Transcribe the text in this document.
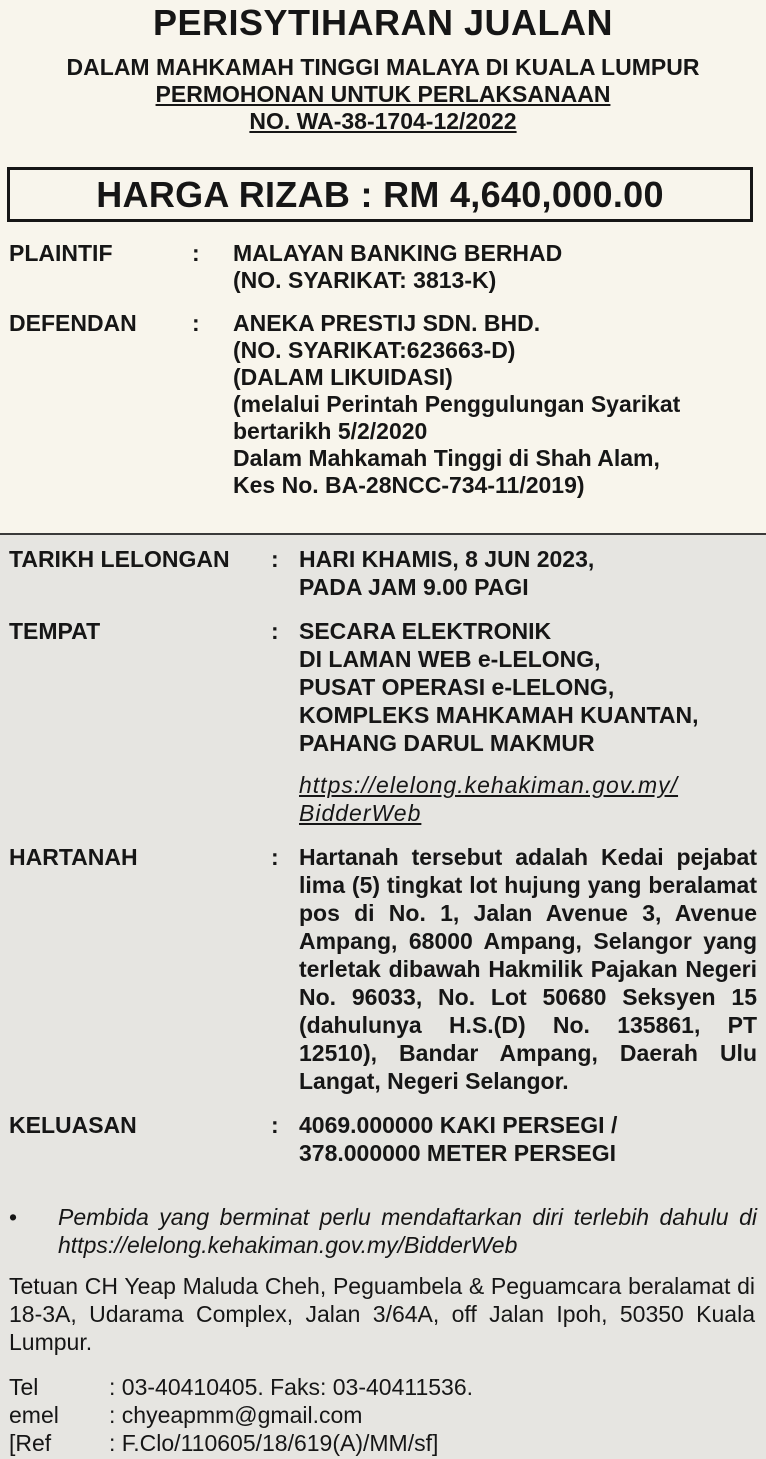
PERISYTIHARAN JUALAN
DALAM MAHKAMAH TINGGI MALAYA DI KUALA LUMPUR
PERMOHONAN UNTUK PERLAKSANAAN
NO. WA-38-1704-12/2022
HARGA RIZAB : RM 4,640,000.00
PLAINTIF	:	MALAYAN BANKING BERHAD
(NO. SYARIKAT: 3813-K)
DEFENDAN	:	ANEKA PRESTIJ SDN. BHD.
(NO. SYARIKAT:623663-D)
(DALAM LIKUIDASI)
(melalui Perintah Penggulungan Syarikat
bertarikh 5/2/2020
Dalam Mahkamah Tinggi di Shah Alam,
Kes No. BA-28NCC-734-11/2019)
TARIKH LELONGAN	: HARI KHAMIS, 8 JUN 2023,
PADA JAM 9.00 PAGI
TEMPAT	: SECARA ELEKTRONIK
DI LAMAN WEB e-LELONG,
PUSAT OPERASI e-LELONG,
KOMPLEKS MAHKAMAH KUANTAN,
PAHANG DARUL MAKMUR
https://elelong.kehakiman.gov.my/
BidderWeb
HARTANAH	: Hartanah tersebut adalah Kedai pejabat lima (5) tingkat lot hujung yang beralamat pos di No. 1, Jalan Avenue 3, Avenue Ampang, 68000 Ampang, Selangor yang terletak dibawah Hakmilik Pajakan Negeri No. 96033, No. Lot 50680 Seksyen 15 (dahulunya H.S.(D) No. 135861, PT 12510), Bandar Ampang, Daerah Ulu Langat, Negeri Selangor.
KELUASAN	: 4069.000000 KAKI PERSEGI /
378.000000 METER PERSEGI
•	Pembida yang berminat perlu mendaftarkan diri terlebih dahulu di https://elelong.kehakiman.gov.my/BidderWeb
Tetuan CH Yeap Maluda Cheh, Peguambela & Peguamcara beralamat di 18-3A, Udarama Complex, Jalan 3/64A, off Jalan Ipoh, 50350 Kuala Lumpur.
Tel	: 03-40410405. Faks: 03-40411536.
emel	: chyeapmm@gmail.com
[Ref	: F.Clo/110605/18/619(A)/MM/sf]
